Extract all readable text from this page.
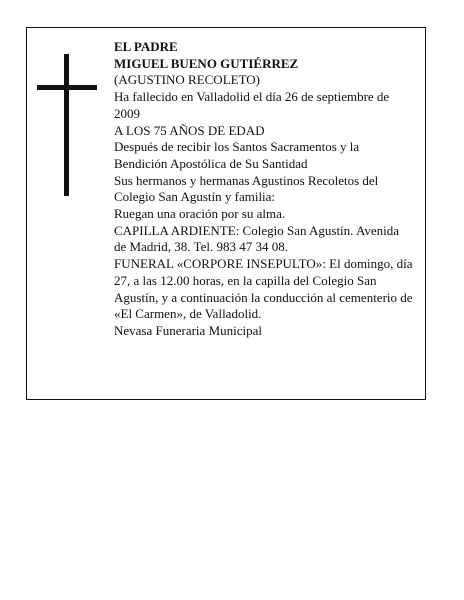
EL PADRE

MIGUEL BUENO GUTIÉRREZ

(AGUSTINO RECOLETO)

Ha fallecido en Valladolid el día 26 de septiembre de 2009

A LOS 75 AÑOS DE EDAD

Después de recibir los Santos Sacramentos y la Bendición Apostólica de Su Santidad

Sus hermanos y hermanas Agustinos Recoletos del Colegio San Agustín y familia:

Ruegan una oración por su alma.

CAPILLA ARDIENTE: Colegio San Agustín. Avenida de Madrid, 38. Tel. 983 47 34 08.

FUNERAL «CORPORE INSEPULTO»: El domingo, día 27, a las 12.00 horas, en la capilla del Colegio San Agustín, y a continuación la conducción al cementerio de «El Carmen», de Valladolid.

Nevasa Funeraria Municipal
